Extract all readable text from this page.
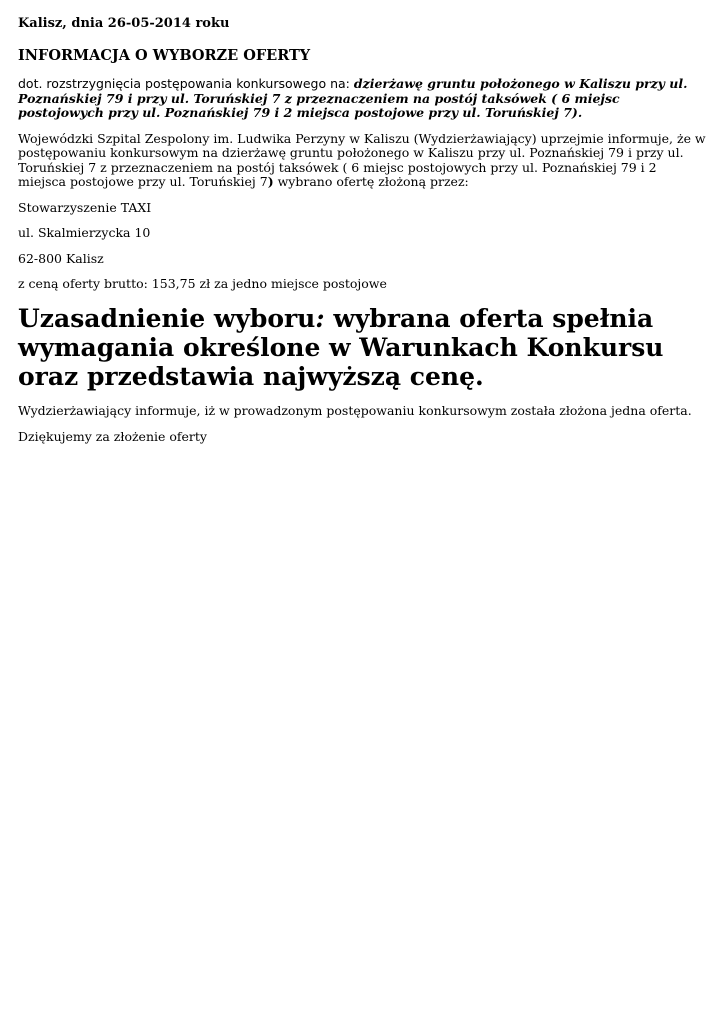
Kalisz, dnia 26-05-2014 roku

INFORMACJA O WYBORZE OFERTY

dot. rozstrzygnięcia postępowania konkursowego na: dzierżawę gruntu położonego w Kaliszu przy ul. Poznańskiej 79 i przy ul. Toruńskiej 7 z przeznaczeniem na postój taksówek ( 6 miejsc postojowych przy ul. Poznańskiej 79 i 2 miejsca postojowe przy ul. Toruńskiej 7).

Wojewódzki Szpital Zespolony im. Ludwika Perzyny w Kaliszu (Wydzierżawiający) uprzejmie informuje, że w postępowaniu konkursowym na dzierżawę gruntu położonego w Kaliszu przy ul. Poznańskiej 79 i przy ul. Toruńskiej 7 z przeznaczeniem na postój taksówek ( 6 miejsc postojowych przy ul. Poznańskiej 79 i 2 miejsca postojowe przy ul. Toruńskiej 7) wybrano ofertę złożoną przez:

Stowarzyszenie TAXI

ul. Skalmierzycka 10

62-800 Kalisz

z ceną oferty brutto: 153,75 zł za jedno miejsce postojowe

Uzasadnienie wyboru: wybrana oferta spełnia wymagania określone w Warunkach Konkursu oraz przedstawia najwyższą cenę.

Wydzierżawiający informuje, iż w prowadzonym postępowaniu konkursowym została złożona jedna oferta.

Dziękujemy za złożenie oferty
